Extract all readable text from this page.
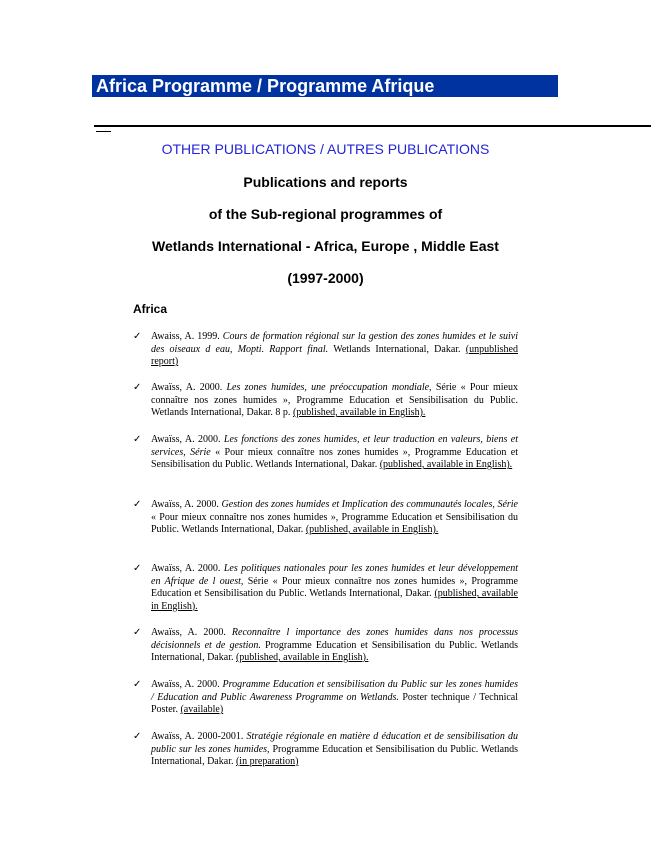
Africa Programme / Programme Afrique
OTHER PUBLICATIONS / AUTRES PUBLICATIONS
Publications and reports
of the Sub-regional programmes of
Wetlands International - Africa, Europe , Middle East
(1997-2000)
Africa
✓ Awaiss, A. 1999. Cours de formation régional sur la gestion des zones humides et le suivi des oiseaux d eau, Mopti. Rapport final. Wetlands International, Dakar. (unpublished report)
✓ Awaïss, A. 2000. Les zones humides, une préoccupation mondiale, Série « Pour mieux connaître nos zones humides », Programme Education et Sensibilisation du Public. Wetlands International, Dakar. 8 p. (published, available in English).
✓ Awaïss, A. 2000. Les fonctions des zones humides, et leur traduction en valeurs, biens et services, Série « Pour mieux connaître nos zones humides », Programme Education et Sensibilisation du Public. Wetlands International, Dakar. (published, available in English).
✓ Awaïss, A. 2000. Gestion des zones humides et Implication des communautés locales, Série « Pour mieux connaître nos zones humides », Programme Education et Sensibilisation du Public. Wetlands International, Dakar. (published, available in English).
✓ Awaïss, A. 2000. Les politiques nationales pour les zones humides et leur développement en Afrique de l ouest, Série « Pour mieux connaître nos zones humides », Programme Education et Sensibilisation du Public. Wetlands International, Dakar. (published, available in English).
✓ Awaïss, A. 2000. Reconnaître l importance des zones humides dans nos processus décisionnels et de gestion. Programme Education et Sensibilisation du Public. Wetlands International, Dakar. (published, available in English).
✓ Awaïss, A. 2000. Programme Education et sensibilisation du Public sur les zones humides / Education and Public Awareness Programme on Wetlands. Poster technique / Technical Poster. (available)
✓ Awaïss, A. 2000-2001. Stratégie régionale en matière d éducation et de sensibilisation du public sur les zones humides, Programme Education et Sensibilisation du Public. Wetlands International, Dakar. (in preparation)
